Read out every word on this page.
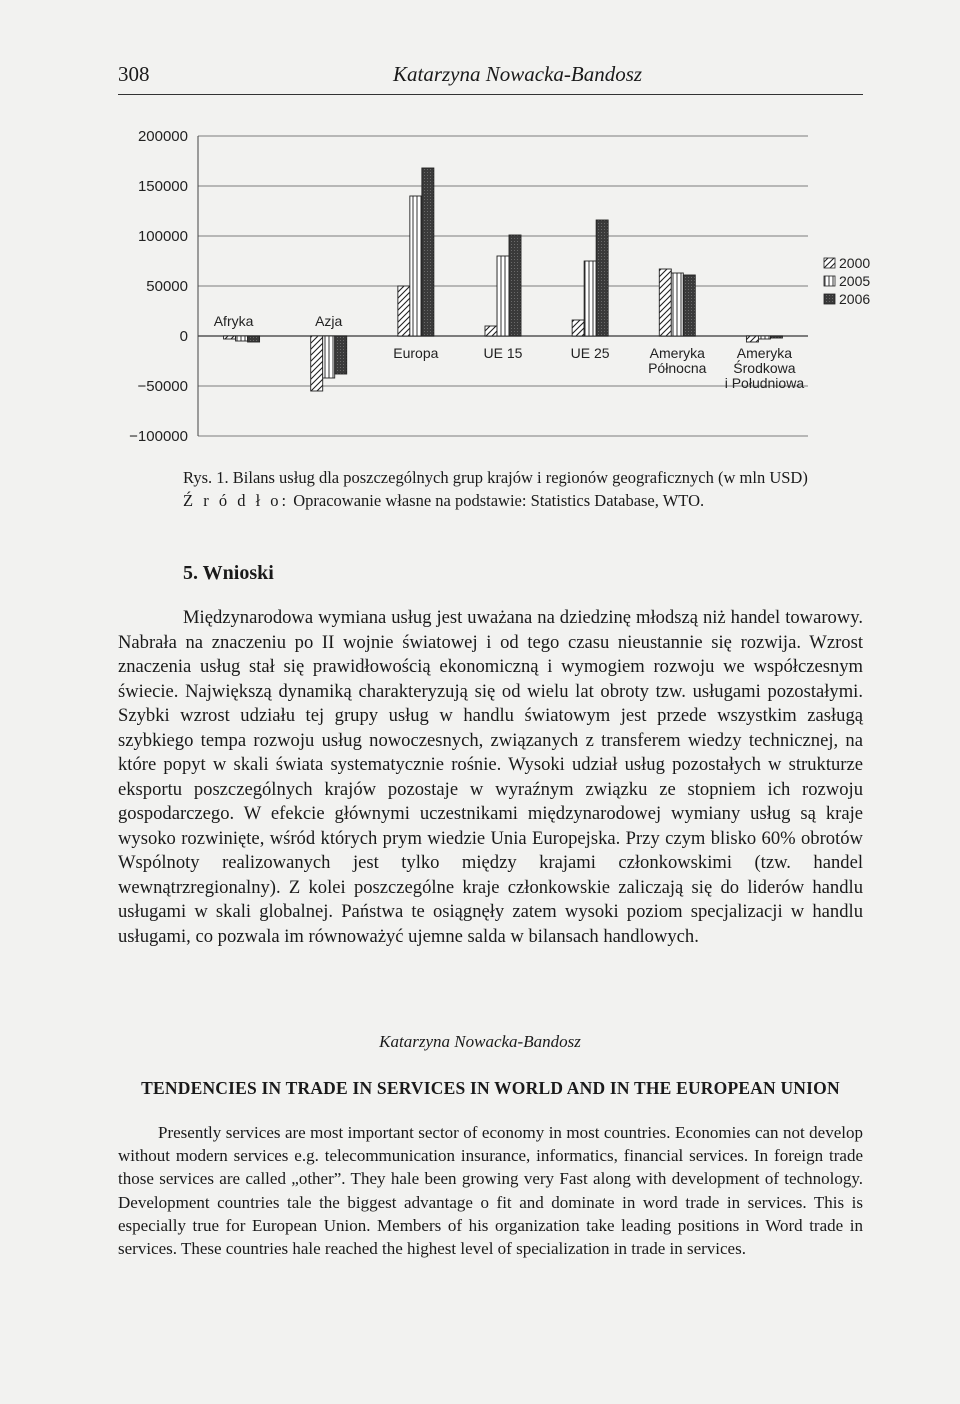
308	Katarzyna Nowacka-Bandosz
200000
150000
100000
50000
0
−50000
−100000
Afryka	Azja
Europa	UE 15	UE 25	Ameryka
Północna
Ameryka
Środkowa
i Południowa
2000
2005
2006
Rys. 1. Bilans usług dla poszczególnych grup krajów i regionów geograficznych (w mln USD)
Ź r ó d ł o: Opracowanie własne na podstawie: Statistics Database, WTO.
5. Wnioski

Międzynarodowa wymiana usług jest uważana na dziedzinę młodszą niż handel towarowy. Nabrała na znaczeniu po II wojnie światowej i od tego czasu nieustannie się rozwija. Wzrost znaczenia usług stał się prawidłowością ekonomiczną i wymogiem rozwoju we współczesnym świecie. Największą dynamiką charakteryzują się od wielu lat obroty tzw. usługami pozostałymi. Szybki wzrost udziału tej grupy usług w handlu światowym jest przede wszystkim zasługą szybkiego tempa rozwoju usług nowoczesnych, związanych z transferem wiedzy technicznej, na które popyt w skali świata systematycznie rośnie. Wysoki udział usług pozostałych w strukturze eksportu poszczególnych krajów pozostaje w wyraźnym związku ze stopniem ich rozwoju gospodarczego. W efekcie głównymi uczestnikami międzynarodowej wymiany usług są kraje wysoko rozwinięte, wśród których prym wiedzie Unia Europejska. Przy czym blisko 60% obrotów Wspólnoty realizowanych jest tylko między krajami członkowskimi (tzw. handel wewnątrzregionalny). Z kolei poszczególne kraje członkowskie zaliczają się do liderów handlu usługami w skali globalnej. Państwa te osiągnęły zatem wysoki poziom specjalizacji w handlu usługami, co pozwala im równoważyć ujemne salda w bilansach handlowych.

Katarzyna Nowacka-Bandosz
TENDENCIES IN TRADE IN SERVICES IN WORLD AND IN THE EUROPEAN UNION

Presently services are most important sector of economy in most countries. Economies can not develop without modern services e.g. telecommunication insurance, informatics, financial services. In foreign trade those services are called „other”. They hale been growing very Fast along with development of technology. Development countries tale the biggest advantage o fit and dominate in word trade in services. This is especially true for European Union. Members of his organization take leading positions in Word trade in services. These countries hale reached the highest level of specialization in trade in services.
